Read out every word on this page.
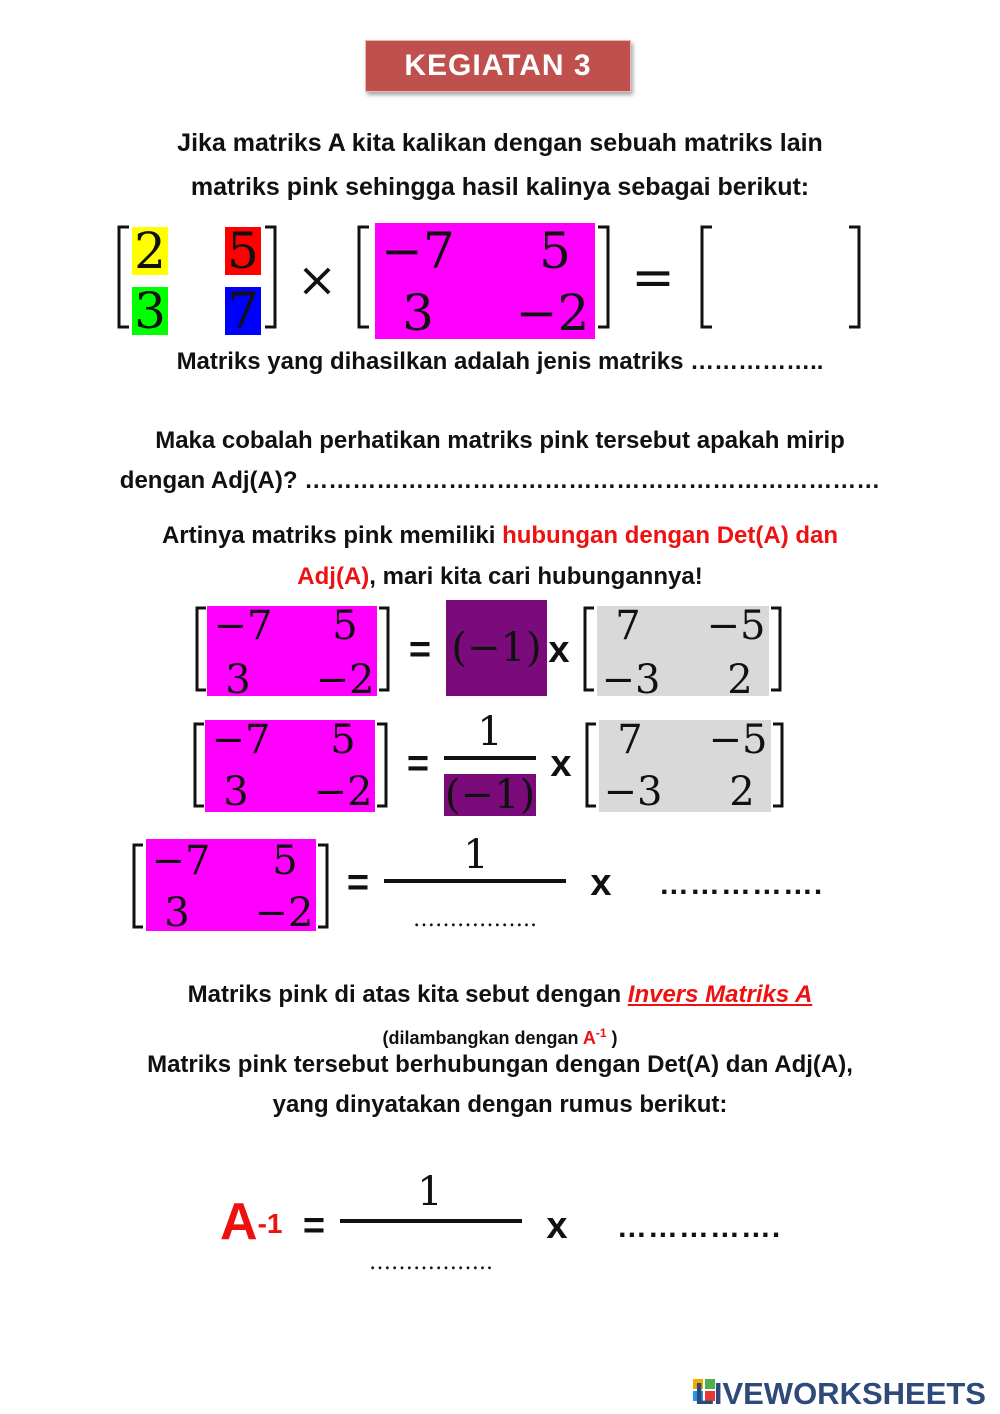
KEGIATAN 3
Jika matriks A kita kalikan dengan sebuah matriks lain
matriks pink sehingga hasil kalinya sebagai berikut:
2 5
3 7
× −7 5
3 −2
=
Matriks yang dihasilkan adalah jenis matriks ……………..
Maka cobalah perhatikan matriks pink tersebut apakah mirip
dengan Adj(A)? ………………………………………………………………
Artinya matriks pink memiliki hubungan dengan Det(A) dan
Adj(A), mari kita cari hubungannya!
−7 5
3 −2
= (−1) x
7 −5
−3 2
−7 5
3 −2
=
1
(−1)
x
7 −5
−3 2
−7 5
3 −2
=
1
……………..
x …………….
Matriks pink di atas kita sebut dengan Invers Matriks A
(dilambangkan dengan $A^{-1}$ )
Matriks pink tersebut berhubungan dengan Det(A) dan Adj(A),
yang dinyatakan dengan rumus berikut:
$A^{-1}$ =
1
……………..
x …………….
LIVEWORKSHEETS
